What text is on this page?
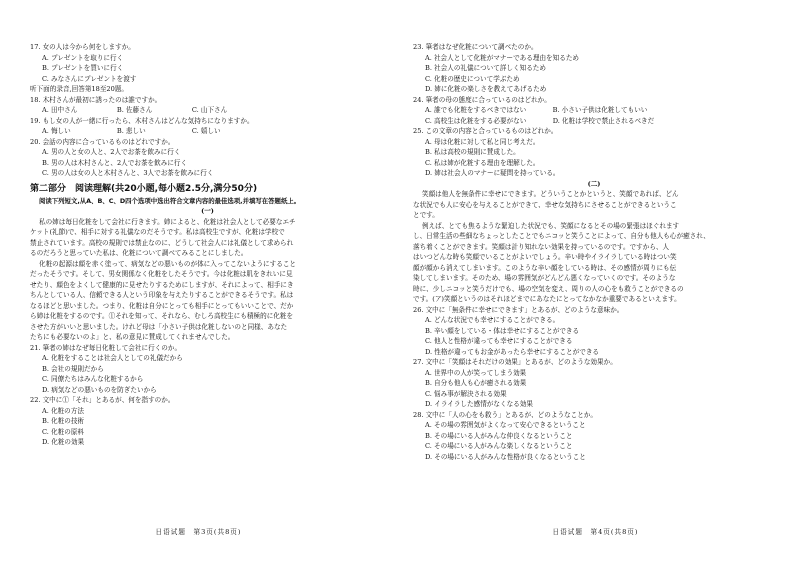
17. 女の人は今から何をしますか。
A. プレゼントを取りに行く
B. プレゼントを買いに行く
C. みなさんにプレゼントを渡す
听下面的录音,回答第18至20题。
18. 木村さんが最初に誘ったのは誰ですか。
A. 田中さん　　　　　　B. 佐藤さん　　　　　　C. 山下さん
19. もし女の人が一緒に行ったら、木村さんはどんな気持ちになりますか。
A. 悔しい　　　　　　　B. 悲しい　　　　　　　C. 嬉しい
20. 会話の内容に合っているものはどれですか。
A. 男の人と女の人と、2人でお茶を飲みに行く
B. 男の人は木村さんと、2人でお茶を飲みに行く
C. 男の人は女の人と木村さんと、3人でお茶を飲みに行く
第二部分　阅读理解(共20小题,每小题2.5分,满分50分)
阅读下列短文,从A、B、C、D四个选项中选出符合文章内容的最佳选项,并填写在答题纸上。
(一)
私の姉は毎日化粧をして会社に行きます。姉によると、化粧は社会人として必要なエチ
ケット(礼節)で、相手に対する礼儀なのだそうです。私は高校生ですが、化粧は学校で
禁止されています。高校の規則では禁止なのに、どうして社会人には礼儀として求められ
るのだろうと思っていた私は、化粧について調べてみることにしました。
化粧の起源は顔を赤く塗って、病気などの悪いものが体に入ってこないようにすること
だったそうです。そして、男女関係なく化粧をしたそうです。今は化粧は肌をきれいに見
せたり、顔色をよくして健康的に見せたりするためにしますが、それによって、相手にき
ちんとしている人、信頼できる人という印象を与えたりすることができるそうです。私は
なるほどと思いました。つまり、化粧は自分にとっても相手にとってもいいことで、だか
ら姉は化粧をするのです。①それを知って、それなら、むしろ高校生にも積極的に化粧を
させた方がいいと思いました。けれど母は「小さい子供は化粧しないのと同様、あなた
たちにも必要ないのよ」と、私の意見に賛成してくれませんでした。
21. 筆者の姉はなぜ毎日化粧して会社に行くのか。
A. 化粧をすることは社会人としての礼儀だから
B. 会社の規則だから
C. 同僚たちはみんな化粧するから
D. 病気などの悪いものを防ぎたいから
22. 文中に①「それ」とあるが、何を指すのか。
A. 化粧の方法
B. 化粧の技術
C. 化粧の原料
D. 化粧の効果
日语试题　第3页(共8页)
23. 筆者はなぜ化粧について調べたのか。
A. 社会人として化粧がマナーである理由を知るため
B. 社会人の礼儀について詳しく知るため
C. 化粧の歴史について学ぶため
D. 姉に化粧の楽しさを教えてあげるため
24. 筆者の母の態度に合っているのはどれか。
A. 誰でも化粧をするべきではない　　　　B. 小さい子供は化粧してもいい
C. 高校生は化粧をする必要がない　　　　D. 化粧は学校で禁止されるべきだ
25. この文章の内容と合っているものはどれか。
A. 母は化粧に対して私と同じ考えだ。
B. 私は高校の規則に賛成した。
C. 私は姉が化粧する理由を理解した。
D. 姉は社会人のマナーに疑問を持っている。
(二)
笑顔は他人を無条件に幸せにできます。どういうことかというと、笑顔であれば、どん
な状況でも人に安心を与えることができて、幸せな気持ちにさせることができるというこ
とです。
例えば、とても焦るような緊迫した状況でも、笑顔になるとその場の緊張はほぐれます
し、日常生活の些細なちょっとしたことでもニコッと笑うことによって、自分も他人も心が癒され、
落ち着くことができます。笑顔は計り知れない効果を持っているのです。ですから、人
はいつどんな時も笑顔でいることがよいでしょう。辛い時やイライラしている時はつい笑
顔が顔から消えてしまいます。このような辛い顔をしている時は、その感情が周りにも伝
染してしまいます。そのため、場の雰囲気がどんどん悪くなっていくのです。そのような
時に、少しニコッと笑うだけでも、場の空気を変え、周りの人の心をも救うことができるの
です。(ア)笑顔というのはそれほどまでにあなたにとってなかなか重要であるといえます。
26. 文中に「無条件に幸せにできます」とあるが、どのような意味か。
A. どんな状況でも幸せにすることができる。
B. 辛い顔をしている・体は幸せにすることができる
C. 他人と性格が違っても幸せにすることができる
D. 性格が違ってもお金があったら幸せにすることができる
27. 文中に「笑顔はそれだけの効果」とあるが、どのような効果か。
A. 世界中の人が笑ってしまう効果
B. 自分も他人も心が癒される効果
C. 悩み事が解決される効果
D. イライラした感情がなくなる効果
28. 文中に「人の心をも救う」とあるが、どのようなことか。
A. その場の雰囲気がよくなって安心できるということ
B. その場にいる人がみんな仲良くなるということ
C. その場にいる人がみんな楽しくなるということ
D. その場にいる人がみんな性格が良くなるということ
日语试题　第4页(共8页)
